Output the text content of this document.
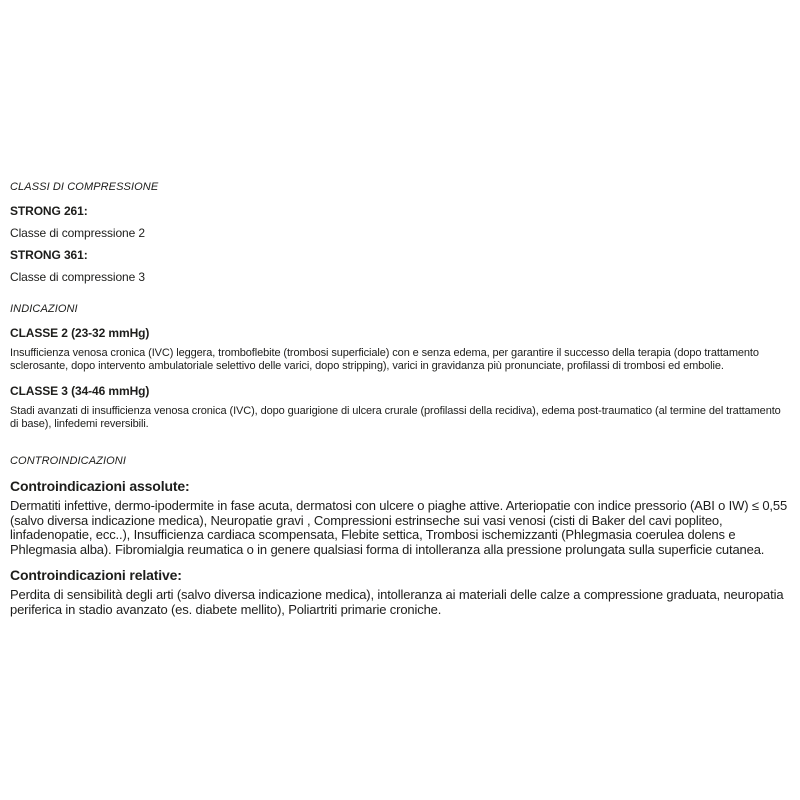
CLASSI DI COMPRESSIONE

STRONG 261:

Classe di compressione 2

STRONG 361:

Classe di compressione 3

INDICAZIONI

CLASSE 2 (23-32 mmHg)

Insufficienza venosa cronica (IVC) leggera, tromboflebite (trombosi superficiale) con e senza edema, per garantire il successo della terapia (dopo trattamento sclerosante, dopo intervento ambulatoriale selettivo delle varici, dopo stripping), varici in gravidanza più pronunciate, profilassi di trombosi ed embolie.

CLASSE 3 (34-46 mmHg)

Stadi avanzati di insufficienza venosa cronica (IVC), dopo guarigione di ulcera crurale (profilassi della recidiva), edema post-traumatico (al termine del trattamento di base), linfedemi reversibili.

CONTROINDICAZIONI

Controindicazioni assolute:

Dermatiti infettive, dermo-ipodermite in fase acuta, dermatosi con ulcere o piaghe attive. Arteriopatie con indice pressorio (ABI o IW) ≤ 0,55 (salvo diversa indicazione medica), Neuropatie gravi , Compressioni estrinseche sui vasi venosi (cisti di Baker del cavi popliteo, linfadenopatie, ecc..), Insufficienza cardiaca scompensata, Flebite settica, Trombosi ischemizzanti (Phlegmasia coerulea dolens e Phlegmasia alba). Fibromialgia reumatica o in genere qualsiasi forma di intolleranza alla pressione prolungata sulla superficie cutanea.

Controindicazioni relative:

Perdita di sensibilità degli arti (salvo diversa indicazione medica), intolleranza ai materiali delle calze a compressione graduata, neuropatia periferica in stadio avanzato (es. diabete mellito), Poliartriti primarie croniche.
